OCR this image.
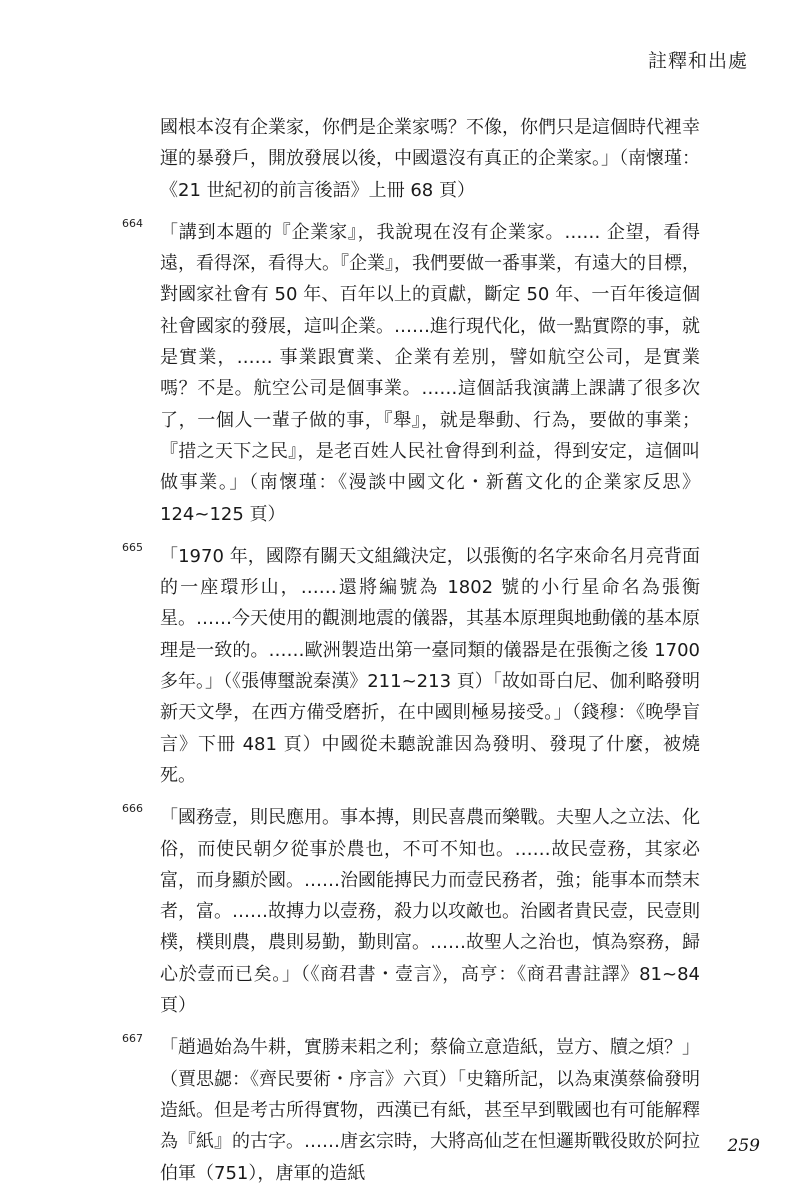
註釋和出處

國根本沒有企業家，你們是企業家嗎？不像，你們只是這個時代裡幸運的暴發戶，開放發展以後，中國還沒有真正的企業家。」（南懷瑾：《21 世紀初的前言後語》上冊 68 頁）

664 「講到本題的『企業家』，我說現在沒有企業家。…… 企望，看得遠，看得深，看得大。『企業』，我們要做一番事業，有遠大的目標，對國家社會有 50 年、百年以上的貢獻，斷定 50 年、一百年後這個社會國家的發展，這叫企業。……進行現代化，做一點實際的事，就是實業，…… 事業跟實業、企業有差別，譬如航空公司，是實業嗎？不是。航空公司是個事業。……這個話我演講上課講了很多次了，一個人一輩子做的事，『舉』，就是舉動、行為，要做的事業；『措之天下之民』，是老百姓人民社會得到利益，得到安定，這個叫做事業。」（南懷瑾：《漫談中國文化・新舊文化的企業家反思》124~125 頁）

665 「1970 年，國際有關天文組織決定，以張衡的名字來命名月亮背面的一座環形山，……還將編號為 1802 號的小行星命名為張衡星。……今天使用的觀測地震的儀器，其基本原理與地動儀的基本原理是一致的。……歐洲製造出第一臺同類的儀器是在張衡之後 1700 多年。」（《張傳璽說秦漢》211~213 頁）「故如哥白尼、伽利略發明新天文學，在西方備受磨折，在中國則極易接受。」（錢穆：《晚學盲言》下冊 481 頁）中國從未聽說誰因為發明、發現了什麼，被燒死。

666 「國務壹，則民應用。事本摶，則民喜農而樂戰。夫聖人之立法、化俗，而使民朝夕從事於農也，不可不知也。……故民壹務，其家必富，而身顯於國。……治國能摶民力而壹民務者，強；能事本而禁末者，富。……故摶力以壹務，殺力以攻敵也。治國者貴民壹，民壹則樸，樸則農，農則易勤，勤則富。……故聖人之治也，慎為察務，歸心於壹而已矣。」（《商君書・壹言》，高亨：《商君書註譯》81~84 頁）

667 「趙過始為牛耕，實勝耒耜之利；蔡倫立意造紙，豈方、牘之煩？」（賈思勰：《齊民要術・序言》六頁）「史籍所記，以為東漢蔡倫發明造紙。但是考古所得實物，西漢已有紙，甚至早到戰國也有可能解釋為『紙』的古字。……唐玄宗時，大將高仙芝在怛邏斯戰役敗於阿拉伯軍（751），唐軍的造紙

259
